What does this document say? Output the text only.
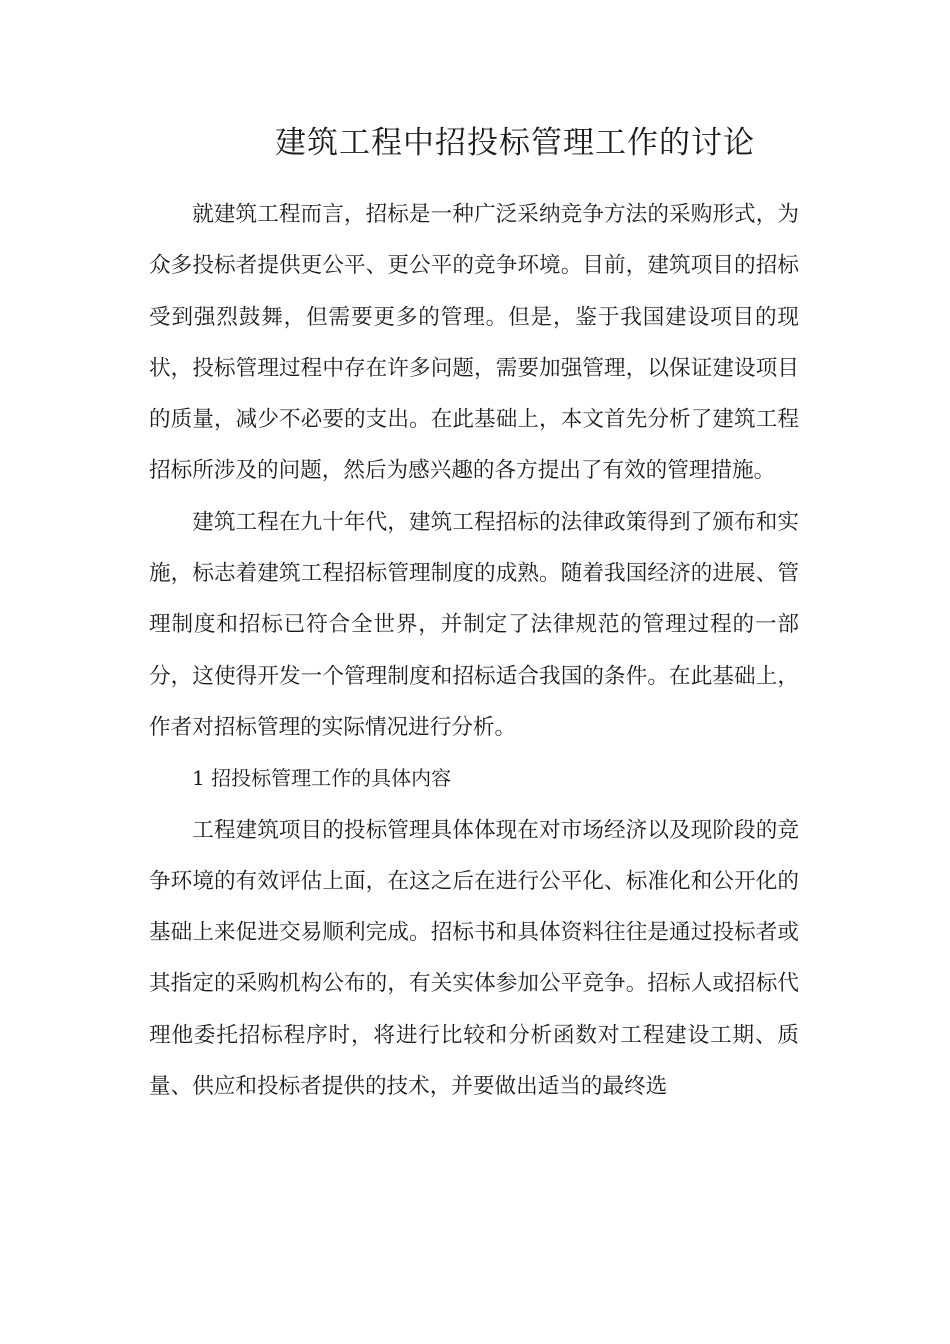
建筑工程中招投标管理工作的讨论

就建筑工程而言，招标是一种广泛采纳竞争方法的采购形式，为众多投标者提供更公平、更公平的竞争环境。目前，建筑项目的招标受到强烈鼓舞，但需要更多的管理。但是，鉴于我国建设项目的现状，投标管理过程中存在许多问题，需要加强管理，以保证建设项目的质量，减少不必要的支出。在此基础上，本文首先分析了建筑工程招标所涉及的问题，然后为感兴趣的各方提出了有效的管理措施。

建筑工程在九十年代，建筑工程招标的法律政策得到了颁布和实施，标志着建筑工程招标管理制度的成熟。随着我国经济的进展、管理制度和招标已符合全世界，并制定了法律规范的管理过程的一部分，这使得开发一个管理制度和招标适合我国的条件。在此基础上，作者对招标管理的实际情况进行分析。

1 招投标管理工作的具体内容

工程建筑项目的投标管理具体体现在对市场经济以及现阶段的竞争环境的有效评估上面，在这之后在进行公平化、标准化和公开化的基础上来促进交易顺利完成。招标书和具体资料往往是通过投标者或其指定的采购机构公布的，有关实体参加公平竞争。招标人或招标代理他委托招标程序时，将进行比较和分析函数对工程建设工期、质量、供应和投标者提供的技术，并要做出适当的最终选
